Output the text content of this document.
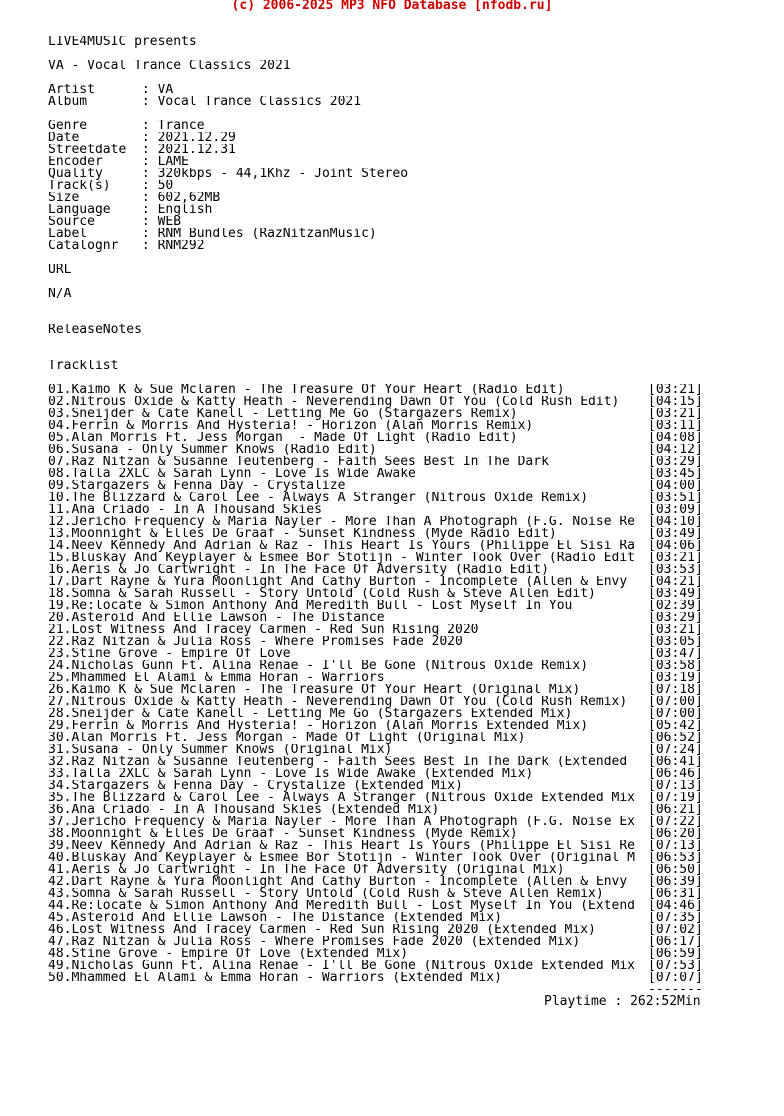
(c) 2006-2025 MP3 NFO Database [nfodb.ru]
LIVE4MUSIC presents
VA - Vocal Trance Classics 2021
Artist      : VA
Album       : Vocal Trance Classics 2021
Genre       : Trance
Date        : 2021.12.29
Streetdate  : 2021.12.31
Encoder     : LAME
Quality     : 320kbps - 44,1Khz - Joint Stereo
Track(s)    : 50
Size        : 602,62MB
Language    : English
Source      : WEB
Label       : RNM Bundles (RazNitzanMusic)
Catalognr   : RNM292
URL
N/A
ReleaseNotes
Tracklist
01.Kaimo K & Sue Mclaren - The Treasure Of Your Heart (Radio Edit)	[03:21]
02.Nitrous Oxide & Katty Heath - Neverending Dawn Of You (Cold Rush Edit)	[04:15]
03.Sneijder & Cate Kanell - Letting Me Go (Stargazers Remix)	[03:21]
04.Ferrin & Morris And Hysteria! - Horizon (Alan Morris Remix)	[03:11]
05.Alan Morris Ft. Jess Morgan  - Made Of Light (Radio Edit)	[04:08]
06.Susana - Only Summer Knows (Radio Edit)	[04:12]
07.Raz Nitzan & Susanne Teutenberg - Faith Sees Best In The Dark	[03:29]
08.Talla 2XLC & Sarah Lynn - Love Is Wide Awake	[03:45]
09.Stargazers & Fenna Day - Crystalize	[04:00]
10.The Blizzard & Carol Lee - Always A Stranger (Nitrous Oxide Remix)	[03:51]
11.Ana Criado - In A Thousand Skies	[03:09]
12.Jericho Frequency & Maria Nayler - More Than A Photograph (F.G. Noise Re	[04:10]
13.Moonnight & Elles De Graaf - Sunset Kindness (Myde Radio Edit)	[03:49]
14.Neev Kennedy And Adrian & Raz - This Heart Is Yours (Philippe El Sisi Ra	[04:06]
15.Bluskay And Keyplayer & Esmee Bor Stotijn - Winter Took Over (Radio Edit	[03:21]
16.Aeris & Jo Cartwright - In The Face Of Adversity (Radio Edit)	[03:53]
17.Dart Rayne & Yura Moonlight And Cathy Burton - Incomplete (Allen & Envy	[04:21]
18.Somna & Sarah Russell - Story Untold (Cold Rush & Steve Allen Edit)	[03:49]
19.Re:locate & Simon Anthony And Meredith Bull - Lost Myself In You	[02:39]
20.Asteroid And Ellie Lawson - The Distance	[03:29]
21.Lost Witness And Tracey Carmen - Red Sun Rising 2020	[03:21]
22.Raz Nitzan & Julia Ross - Where Promises Fade 2020	[03:05]
23.Stine Grove - Empire Of Love	[03:47]
24.Nicholas Gunn Ft. Alina Renae - I'll Be Gone (Nitrous Oxide Remix)	[03:58]
25.Mhammed El Alami & Emma Horan - Warriors	[03:19]
26.Kaimo K & Sue Mclaren - The Treasure Of Your Heart (Original Mix)	[07:18]
27.Nitrous Oxide & Katty Heath - Neverending Dawn Of You (Cold Rush Remix)	[07:00]
28.Sneijder & Cate Kanell - Letting Me Go (Stargazers Extended Mix)	[07:00]
29.Ferrin & Morris And Hysteria! - Horizon (Alan Morris Extended Mix)	[05:42]
30.Alan Morris Ft. Jess Morgan - Made Of Light (Original Mix)	[06:52]
31.Susana - Only Summer Knows (Original Mix)	[07:24]
32.Raz Nitzan & Susanne Teutenberg - Faith Sees Best In The Dark (Extended	[06:41]
33.Talla 2XLC & Sarah Lynn - Love Is Wide Awake (Extended Mix)	[06:46]
34.Stargazers & Fenna Day - Crystalize (Extended Mix)	[07:13]
35.The Blizzard & Carol Lee - Always A Stranger (Nitrous Oxide Extended Mix	[07:19]
36.Ana Criado - In A Thousand Skies (Extended Mix)	[06:21]
37.Jericho Frequency & Maria Nayler - More Than A Photograph (F.G. Noise Ex	[07:22]
38.Moonnight & Elles De Graaf - Sunset Kindness (Myde Remix)	[06:20]
39.Neev Kennedy And Adrian & Raz - This Heart Is Yours (Philippe El Sisi Re	[07:13]
40.Bluskay And Keyplayer & Esmee Bor Stotijn - Winter Took Over (Original M	[06:53]
41.Aeris & Jo Cartwright - In The Face Of Adversity (Original Mix)	[06:50]
42.Dart Rayne & Yura Moonlight And Cathy Burton - Incomplete (Allen & Envy	[06:39]
43.Somna & Sarah Russell - Story Untold (Cold Rush & Steve Allen Remix)	[06:31]
44.Re:locate & Simon Anthony And Meredith Bull - Lost Myself In You (Extend	[04:46]
45.Asteroid And Ellie Lawson - The Distance (Extended Mix)	[07:35]
46.Lost Witness And Tracey Carmen - Red Sun Rising 2020 (Extended Mix)	[07:02]
47.Raz Nitzan & Julia Ross - Where Promises Fade 2020 (Extended Mix)	[06:17]
48.Stine Grove - Empire Of Love (Extended Mix)	[06:59]
49.Nicholas Gunn Ft. Alina Renae - I'll Be Gone (Nitrous Oxide Extended Mix	[07:53]
50.Mhammed El Alami & Emma Horan - Warriors (Extended Mix)	[07:07]
-------
Playtime : 262:52Min
